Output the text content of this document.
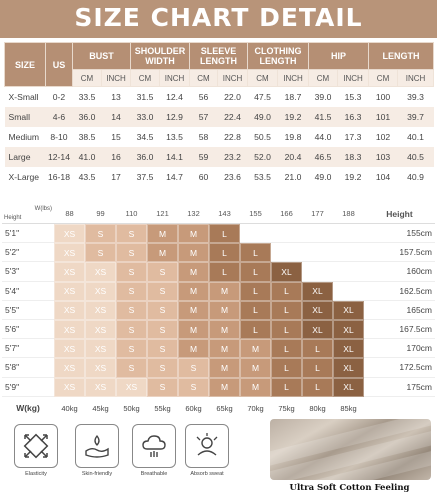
SIZE CHART DETAIL
SIZE	US	BUST		SHOULDER WIDTH		SLEEVE LENGTH		CLOTHING LENGTH		HIP		LENGTH	
		CM	INCH	CM	INCH	CM	INCH	CM	INCH	CM	INCH	CM	INCH
X-Small	0-2	33.5	13	31.5	12.4	56	22.0	47.5	18.7	39.0	15.3	100	39.3
Small	4-6	36.0	14	33.0	12.9	57	22.4	49.0	19.2	41.5	16.3	101	39.7
Medium	8-10	38.5	15	34.5	13.5	58	22.8	50.5	19.8	44.0	17.3	102	40.1
Large	12-14	41.0	16	36.0	14.1	59	23.2	52.0	20.4	46.5	18.3	103	40.5
X-Large	16-18	43.5	17	37.5	14.7	60	23.6	53.5	21.0	49.0	19.2	104	40.9
W(lbs)
Height	88	99	110	121	132	143	155	166	177	188	Height
5'1"	XS	S	S	M	M	L					155cm
5'2"	XS	S	S	M	M	L	L				157.5cm
5'3"	XS	XS	S	S	M	L	L	XL			160cm
5'4"	XS	XS	S	S	M	M	L	L	XL		162.5cm
5'5"	XS	XS	S	S	M	M	L	L	XL	XL	165cm
5'6"	XS	XS	S	S	M	M	L	L	XL	XL	167.5cm
5'7"	XS	XS	S	S	M	M	M	L	L	XL	170cm
5'8"	XS	XS	S	S	S	M	M	L	L	XL	172.5cm
5'9"	XS	XS	XS	S	S	M	M	L	L	XL	175cm
W(kg)	40kg	45kg	50kg	55kg	60kg	65kg	70kg	75kg	80kg	85kg	
Elasticity	Skin-friendly	Breathable	Absorb sweat
Ultra Soft Cotton Feeling
